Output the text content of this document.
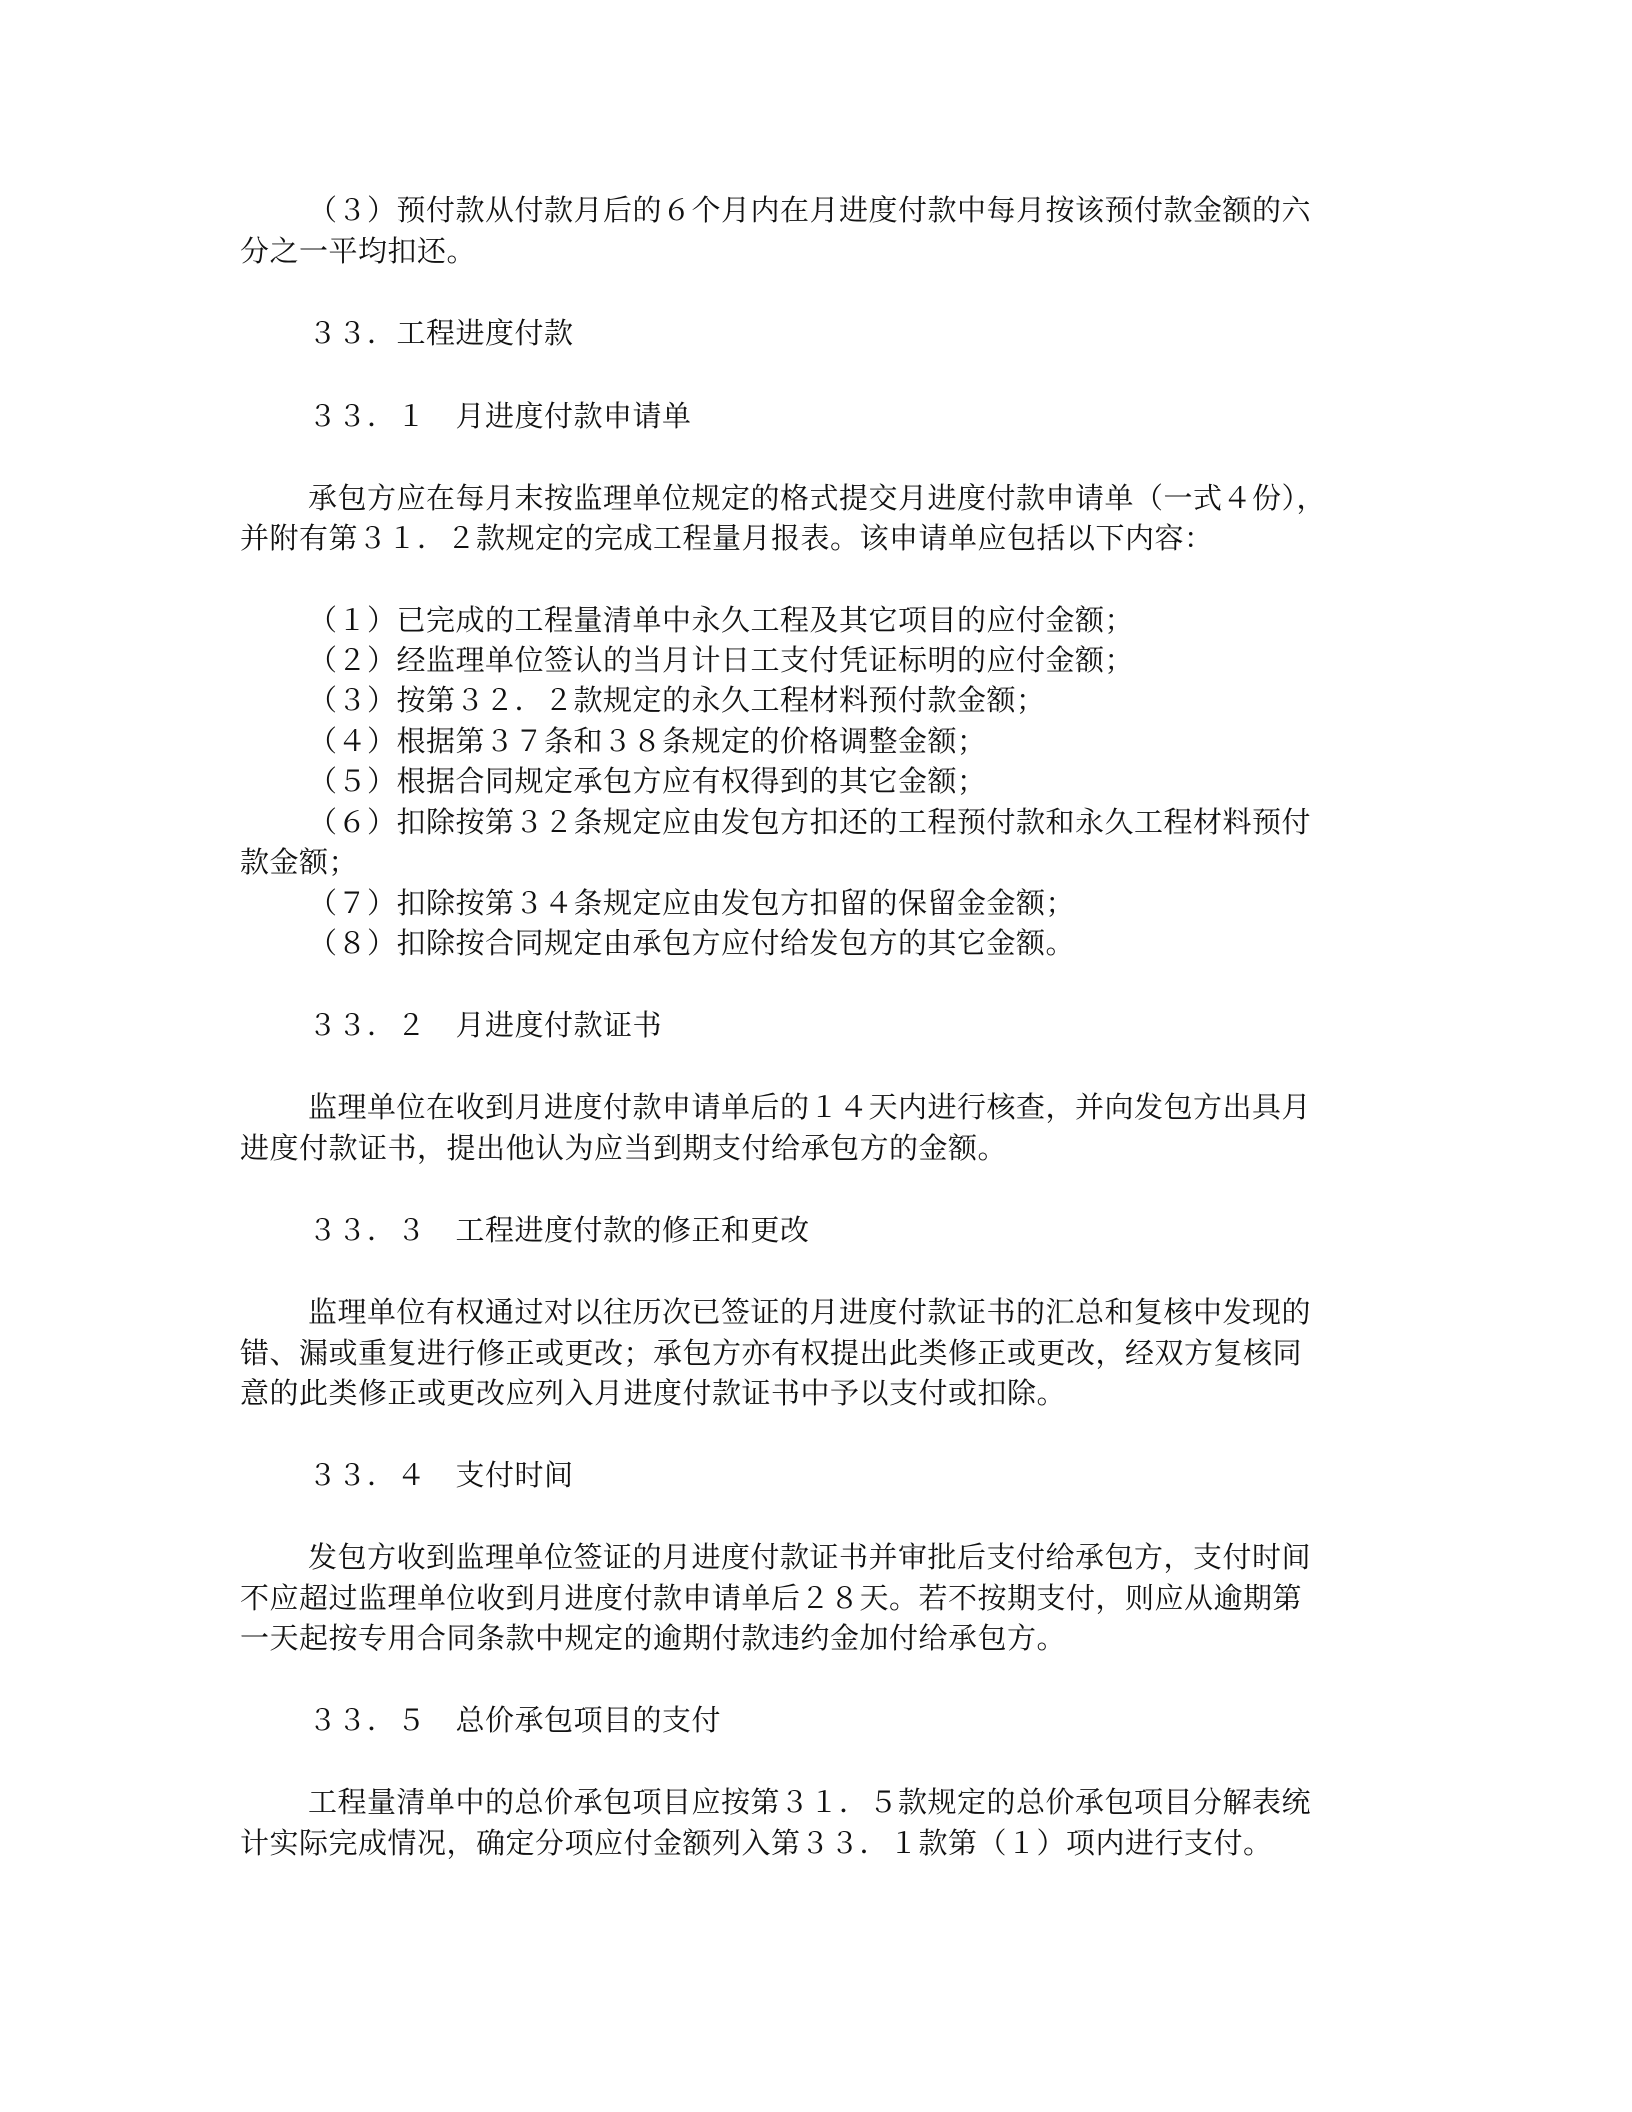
（３）预付款从付款月后的６个月内在月进度付款中每月按该预付款金额的六
分之一平均扣还。
３３．工程进度付款
３３．１　月进度付款申请单
承包方应在每月末按监理单位规定的格式提交月进度付款申请单（一式４份），
并附有第３１．２款规定的完成工程量月报表。该申请单应包括以下内容：
（１）已完成的工程量清单中永久工程及其它项目的应付金额；
（２）经监理单位签认的当月计日工支付凭证标明的应付金额；
（３）按第３２．２款规定的永久工程材料预付款金额；
（４）根据第３７条和３８条规定的价格调整金额；
（５）根据合同规定承包方应有权得到的其它金额；
（６）扣除按第３２条规定应由发包方扣还的工程预付款和永久工程材料预付
款金额；
（７）扣除按第３４条规定应由发包方扣留的保留金金额；
（８）扣除按合同规定由承包方应付给发包方的其它金额。
３３．２　月进度付款证书
监理单位在收到月进度付款申请单后的１４天内进行核查，并向发包方出具月
进度付款证书，提出他认为应当到期支付给承包方的金额。
３３．３　工程进度付款的修正和更改
监理单位有权通过对以往历次已签证的月进度付款证书的汇总和复核中发现的
错、漏或重复进行修正或更改；承包方亦有权提出此类修正或更改，经双方复核同
意的此类修正或更改应列入月进度付款证书中予以支付或扣除。
３３．４　支付时间
发包方收到监理单位签证的月进度付款证书并审批后支付给承包方，支付时间
不应超过监理单位收到月进度付款申请单后２８天。若不按期支付，则应从逾期第
一天起按专用合同条款中规定的逾期付款违约金加付给承包方。
３３．５　总价承包项目的支付
工程量清单中的总价承包项目应按第３１．５款规定的总价承包项目分解表统
计实际完成情况，确定分项应付金额列入第３３．１款第（１）项内进行支付。
